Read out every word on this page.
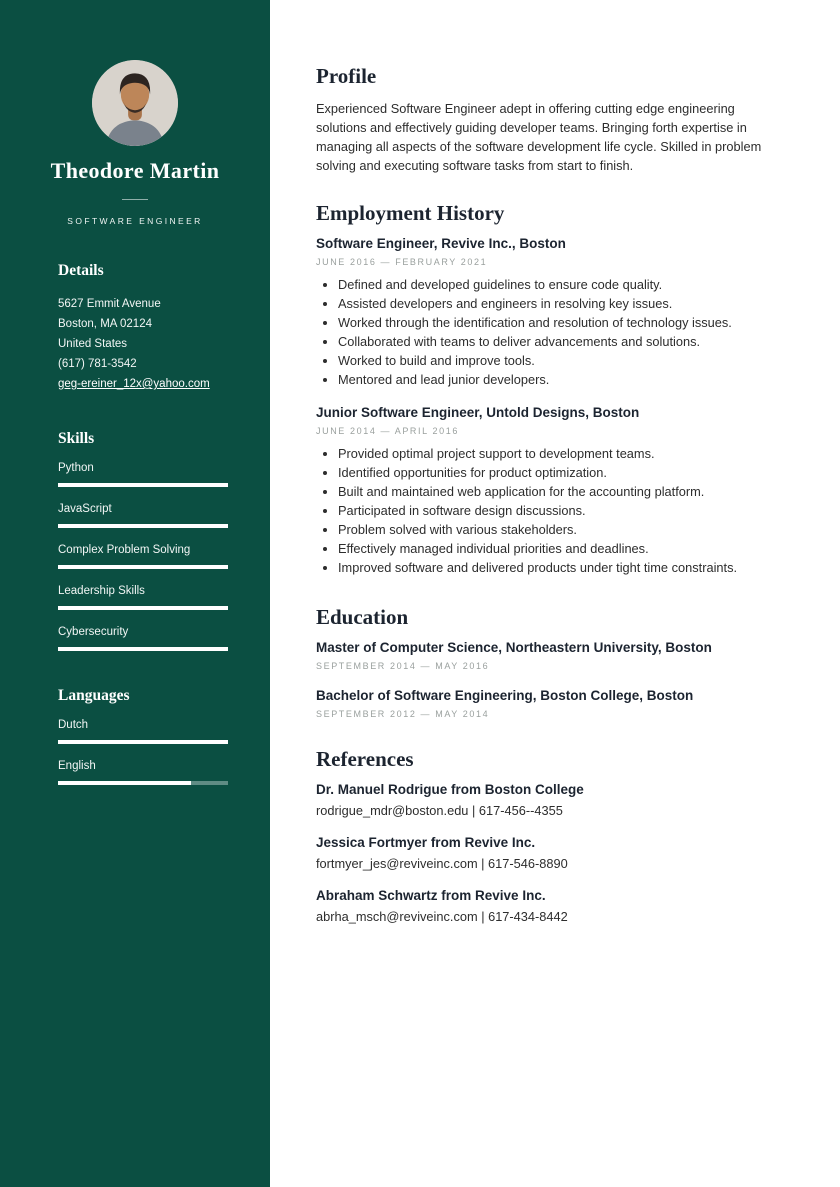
Theodore Martin
SOFTWARE ENGINEER
Details
5627 Emmit Avenue
Boston, MA 02124
United States
(617) 781-3542
geg-ereiner_12x@yahoo.com
Skills
Python
JavaScript
Complex Problem Solving
Leadership Skills
Cybersecurity
Languages
Dutch
English
Profile

Experienced Software Engineer adept in offering cutting edge engineering solutions and effectively guiding developer teams. Bringing forth expertise in managing all aspects of the software development life cycle. Skilled in problem solving and executing software tasks from start to finish.

Employment History
Software Engineer, Revive Inc., Boston
JUNE 2016 — FEBRUARY 2021
• Defined and developed guidelines to ensure code quality.
• Assisted developers and engineers in resolving key issues.
• Worked through the identification and resolution of technology issues.
• Collaborated with teams to deliver advancements and solutions.
• Worked to build and improve tools.
• Mentored and lead junior developers.
Junior Software Engineer, Untold Designs, Boston
JUNE 2014 — APRIL 2016
• Provided optimal project support to development teams.
• Identified opportunities for product optimization.
• Built and maintained web application for the accounting platform.
• Participated in software design discussions.
• Problem solved with various stakeholders.
• Effectively managed individual priorities and deadlines.
• Improved software and delivered products under tight time constraints.
Education
Master of Computer Science, Northeastern University, Boston
SEPTEMBER 2014 — MAY 2016
Bachelor of Software Engineering, Boston College, Boston
SEPTEMBER 2012 — MAY 2014
References
Dr. Manuel Rodrigue from Boston College
rodrigue_mdr@boston.edu | 617-456--4355
Jessica Fortmyer from Revive Inc.
fortmyer_jes@reviveinc.com | 617-546-8890
Abraham Schwartz from Revive Inc.
abrha_msch@reviveinc.com | 617-434-8442
